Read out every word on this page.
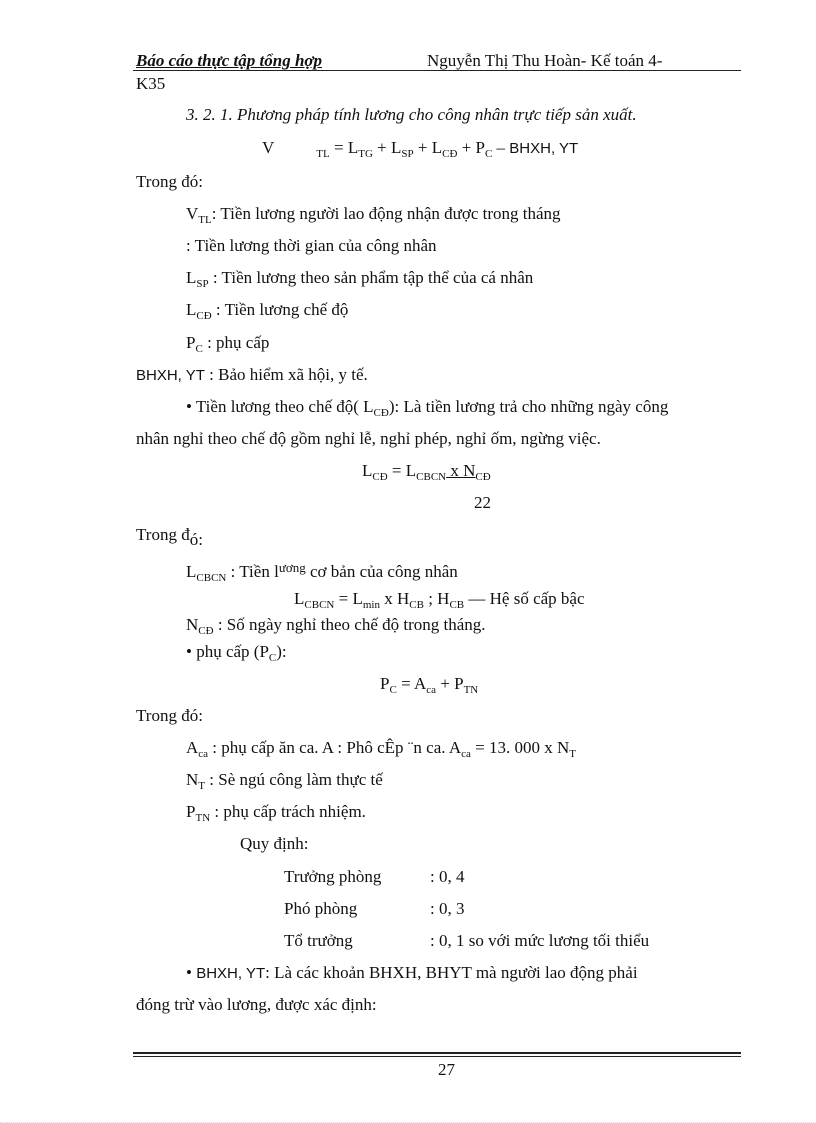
Báo cáo thực tập tổng hợp	Nguyễn Thị Thu Hoàn- Kế toán 4-
K35
3. 2. 1. Phương pháp tính lương cho công nhân trực tiếp sản xuất.
V	$_{TL} = L_{TG} + L_{SP} + L_{CĐ} + P_C$ – BHXH, YT
Trong đó:
$V_{TL}$: Tiền lương người lao động nhận được trong tháng
: Tiền lương thời gian của công nhân
$L_{SP}$ : Tiền lương theo sản phẩm tập thể của cá nhân
$L_{CĐ}$ : Tiền lương chế độ
$P_C$ : phụ cấp
BHXH, YT : Bảo hiểm xã hội, y tế.
• Tiền lương theo chế độ( $L_{CĐ}$): Là tiền lương trả cho những ngày công
nhân nghỉ theo chế độ gồm nghỉ lễ, nghỉ phép, nghỉ ốm, ngừng việc.
$L_{CĐ} = L_{CBCN}$ x $N_{CĐ}$
22
Trong đó:
$L_{CBCN}$ : Tiền $l^{ương}$ cơ bản của công nhân
$L_{CBCN} = L_{min}$ x $H_{CB}$ ; $H_{CB}$ — Hệ số cấp bậc
$N_{CĐ}$ : Số ngày nghỉ theo chế độ trong tháng.
• phụ cấp $(P_C)$:
$P_C = A_{ca} + P_{TN}$
Trong đó:
$A_{ca}$ : phụ cấp ăn ca. A : Phô cÊp ¨n ca. $A_{ca} = 13$. 000 x $N_T$
$N_T$ : Sè ngú công làm thực tế
$P_{TN}$ : phụ cấp trách nhiệm.
Quy định:
Trưởng phòng	: 0, 4
Phó phòng	: 0, 3
Tổ trưởng	: 0, 1 so với mức lương tối thiểu
• BHXH, YT: Là các khoản BHXH, BHYT mà người lao động phải
đóng trừ vào lương, được xác định:
27
